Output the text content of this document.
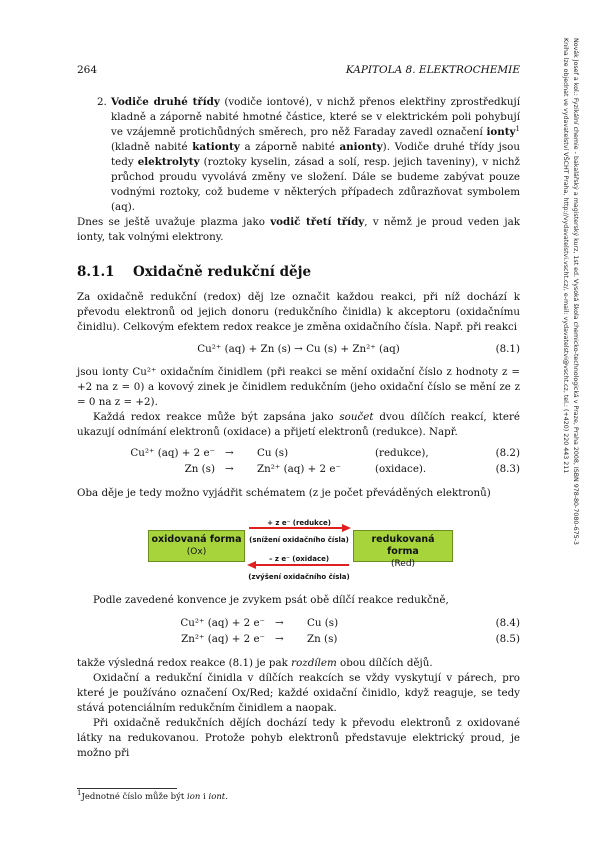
264	KAPITOLA 8. ELEKTROCHEMIE	Novák Josef a kol.: Fyzikální chemie - bakalářský a magisterský kurz, 1st ed. Vysoká škola chemicko-technologická v Praze, Praha 2008, ISBN 978-80-7080-675-3
Kniha lze objednat ve vydavatelství VŠCHT Praha, http://vydavatelstvi.vscht.cz/, e-mail: vydavatelstvi@vscht.cz, tel.: (+420) 220 443 211
2. Vodiče druhé třídy (vodiče iontové), v nichž přenos elektřiny zprostředkují kladně a záporně nabité hmotné částice, které se v elektrickém poli pohybují ve vzájemně protichůdných směrech, pro něž Faraday zavedl označení ionty$^1$ (kladně nabité kationty a záporně nabité anionty). Vodiče druhé třídy jsou tedy elektrolyty (roztoky kyselin, zásad a solí, resp. jejich taveniny), v nichž průchod proudu vyvolává změny ve složení. Dále se budeme zabývat pouze vodnými roztoky, což budeme v některých případech zdůrazňovat symbolem (aq).

Dnes se ještě uvažuje plazma jako vodič třetí třídy, v němž je proud veden jak ionty, tak volnými elektrony.

8.1.1 Oxidačně redukční děje

Za oxidačně redukční (redox) děj lze označit každou reakci, při níž dochází k převodu elektronů od jejich donoru (redukčního činidla) k akceptoru (oxidačnímu činidlu). Celkovým efektem redox reakce je změna oxidačního čísla. Např. při reakci

Cu²⁺ (aq) + Zn (s) → Cu (s) + Zn²⁺ (aq)	(8.1)

jsou ionty Cu²⁺ oxidačním činidlem (při reakci se mění oxidační číslo z hodnoty z = +2 na z = 0) a kovový zinek je činidlem redukčním (jeho oxidační číslo se mění ze z = 0 na z = +2).

Každá redox reakce může být zapsána jako součet dvou dílčích reakcí, které ukazují odnímání elektronů (oxidace) a přijetí elektronů (redukce). Např.

Cu²⁺ (aq) + 2 e⁻ → Cu (s)	(redukce),	(8.2)
Zn (s) → Zn²⁺ (aq) + 2 e⁻	(oxidace).	(8.3)

Oba děje je tedy možno vyjádřit schématem (z je počet převáděných elektronů)

oxidovaná forma
(Ox)
redukovaná forma
(Red)
+ z e⁻ (redukce)
(snížení oxidačního čísla)
– z e⁻ (oxidace)
(zvýšení oxidačního čísla)

Podle zavedené konvence je zvykem psát obě dílčí reakce redukčně,

Cu²⁺ (aq) + 2 e⁻ → Cu (s)	(8.4)
Zn²⁺ (aq) + 2 e⁻ → Zn (s)	(8.5)

takže výsledná redox reakce (8.1) je pak rozdílem obou dílčích dějů.

Oxidační a redukční činidla v dílčích reakcích se vždy vyskytují v párech, pro které je používáno označení Ox/Red; každé oxidační činidlo, když reaguje, se tedy stává potenciálním redukčním činidlem a naopak.

Při oxidačně redukčních dějích dochází tedy k převodu elektronů z oxidované látky na redukovanou. Protože pohyb elektronů představuje elektrický proud, je možno při

$^1$Jednotné číslo může být ion i iont.
